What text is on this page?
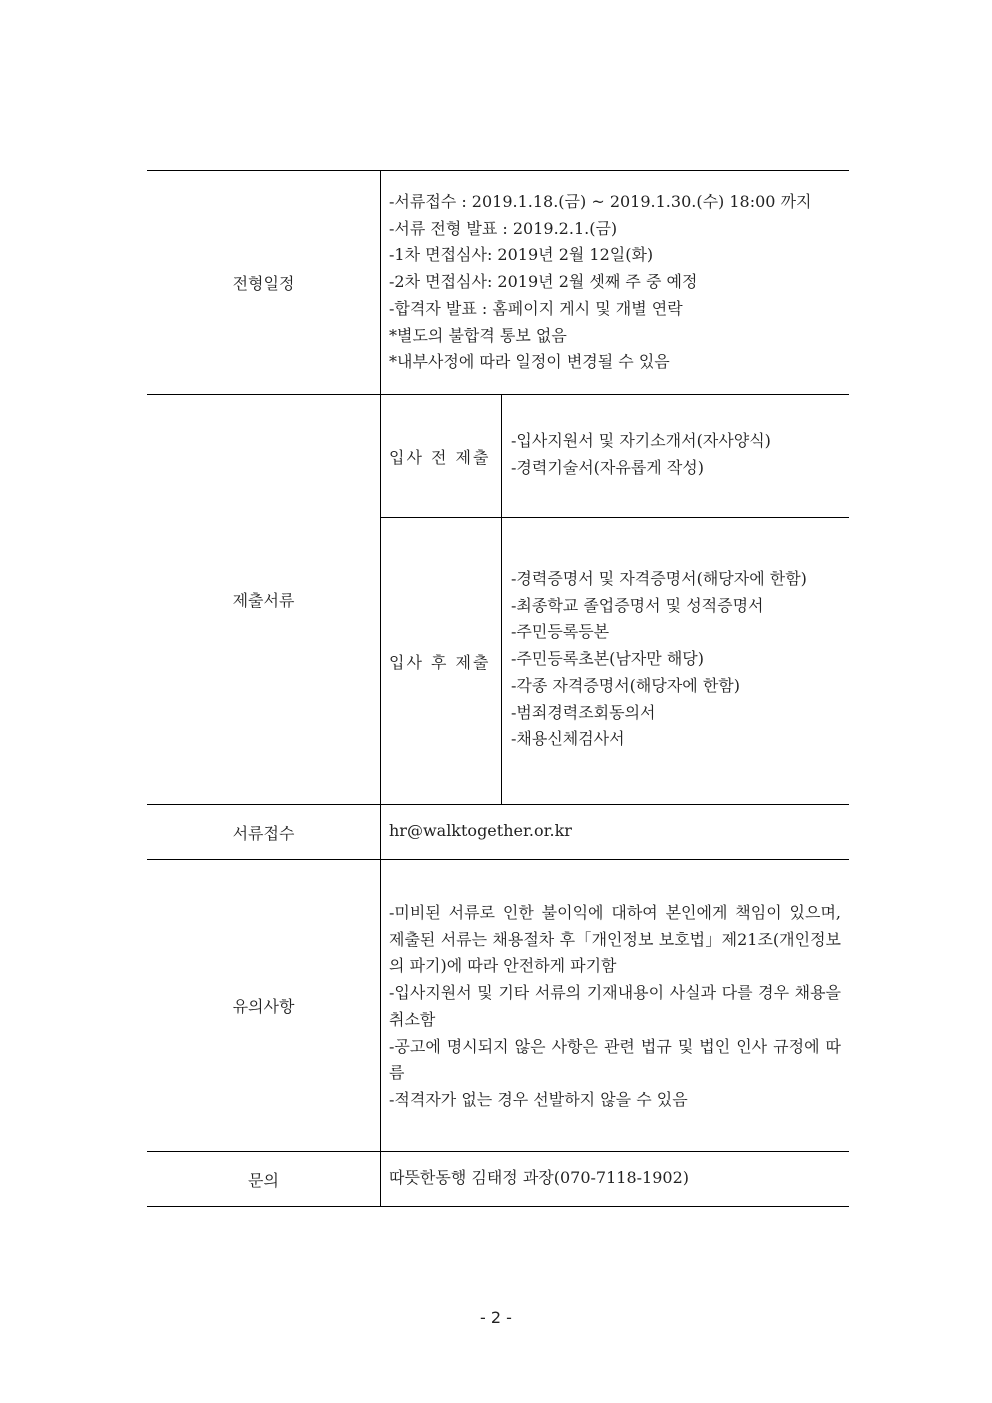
전형일정
-서류접수 : 2019.1.18.(금) ~ 2019.1.30.(수) 18:00 까지
-서류 전형 발표 : 2019.2.1.(금)
-1차 면접심사: 2019년 2월 12일(화)
-2차 면접심사: 2019년 2월 셋째 주 중 예정
-합격자 발표 : 홈페이지 게시 및 개별 연락
*별도의 불합격 통보 없음
*내부사정에 따라 일정이 변경될 수 있음
제출서류
입사 전 제출
-입사지원서 및 자기소개서(자사양식)
-경력기술서(자유롭게 작성)
입사 후 제출
-경력증명서 및 자격증명서(해당자에 한함)
-최종학교 졸업증명서 및 성적증명서
-주민등록등본
-주민등록초본(남자만 해당)
-각종 자격증명서(해당자에 한함)
-범죄경력조회동의서
-채용신체검사서
서류접수	hr@walktogether.or.kr
유의사항
-미비된 서류로 인한 불이익에 대하여 본인에게 책임이 있으며, 제출된 서류는 채용절차 후「개인정보 보호법」제21조(개인정보의 파기)에 따라 안전하게 파기함
-입사지원서 및 기타 서류의 기재내용이 사실과 다를 경우 채용을 취소함
-공고에 명시되지 않은 사항은 관련 법규 및 법인 인사 규정에 따름
-적격자가 없는 경우 선발하지 않을 수 있음
문의	따뜻한동행 김태정 과장(070-7118-1902)
- 2 -
